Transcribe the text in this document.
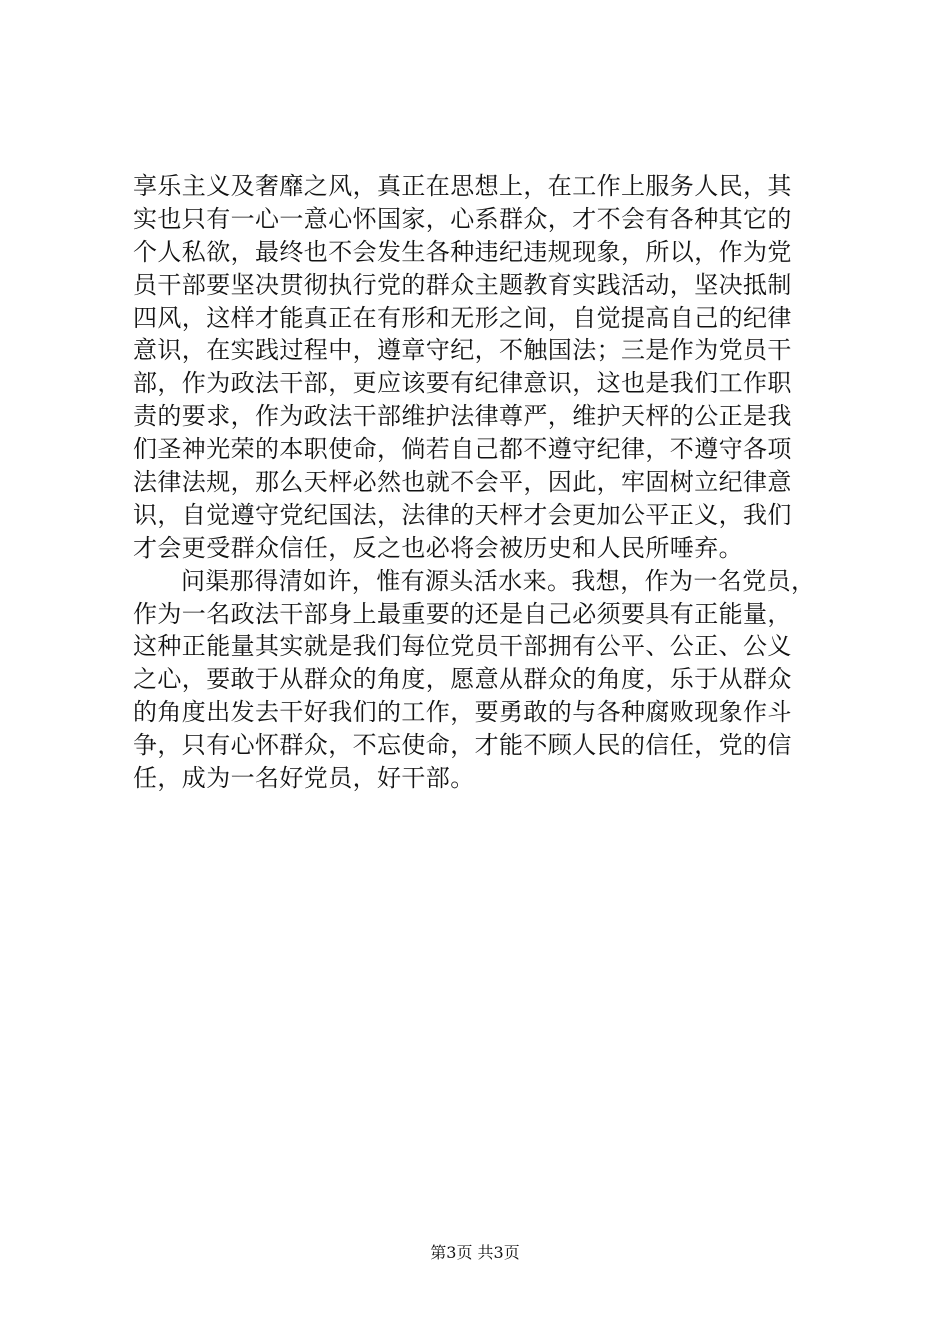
享乐主义及奢靡之风，真正在思想上，在工作上服务人民，其
实也只有一心一意心怀国家，心系群众，才不会有各种其它的
个人私欲，最终也不会发生各种违纪违规现象，所以，作为党
员干部要坚决贯彻执行党的群众主题教育实践活动，坚决抵制
四风，这样才能真正在有形和无形之间，自觉提高自己的纪律
意识，在实践过程中，遵章守纪，不触国法；三是作为党员干
部，作为政法干部，更应该要有纪律意识，这也是我们工作职
责的要求，作为政法干部维护法律尊严，维护天枰的公正是我
们圣神光荣的本职使命，倘若自己都不遵守纪律，不遵守各项
法律法规，那么天枰必然也就不会平，因此，牢固树立纪律意
识，自觉遵守党纪国法，法律的天枰才会更加公平正义，我们
才会更受群众信任，反之也必将会被历史和人民所唾弃。
问渠那得清如许，惟有源头活水来。我想，作为一名党员，
作为一名政法干部身上最重要的还是自己必须要具有正能量，
这种正能量其实就是我们每位党员干部拥有公平、公正、公义
之心，要敢于从群众的角度，愿意从群众的角度，乐于从群众
的角度出发去干好我们的工作，要勇敢的与各种腐败现象作斗
争，只有心怀群众，不忘使命，才能不顾人民的信任，党的信
任，成为一名好党员，好干部。
第3页 共3页
